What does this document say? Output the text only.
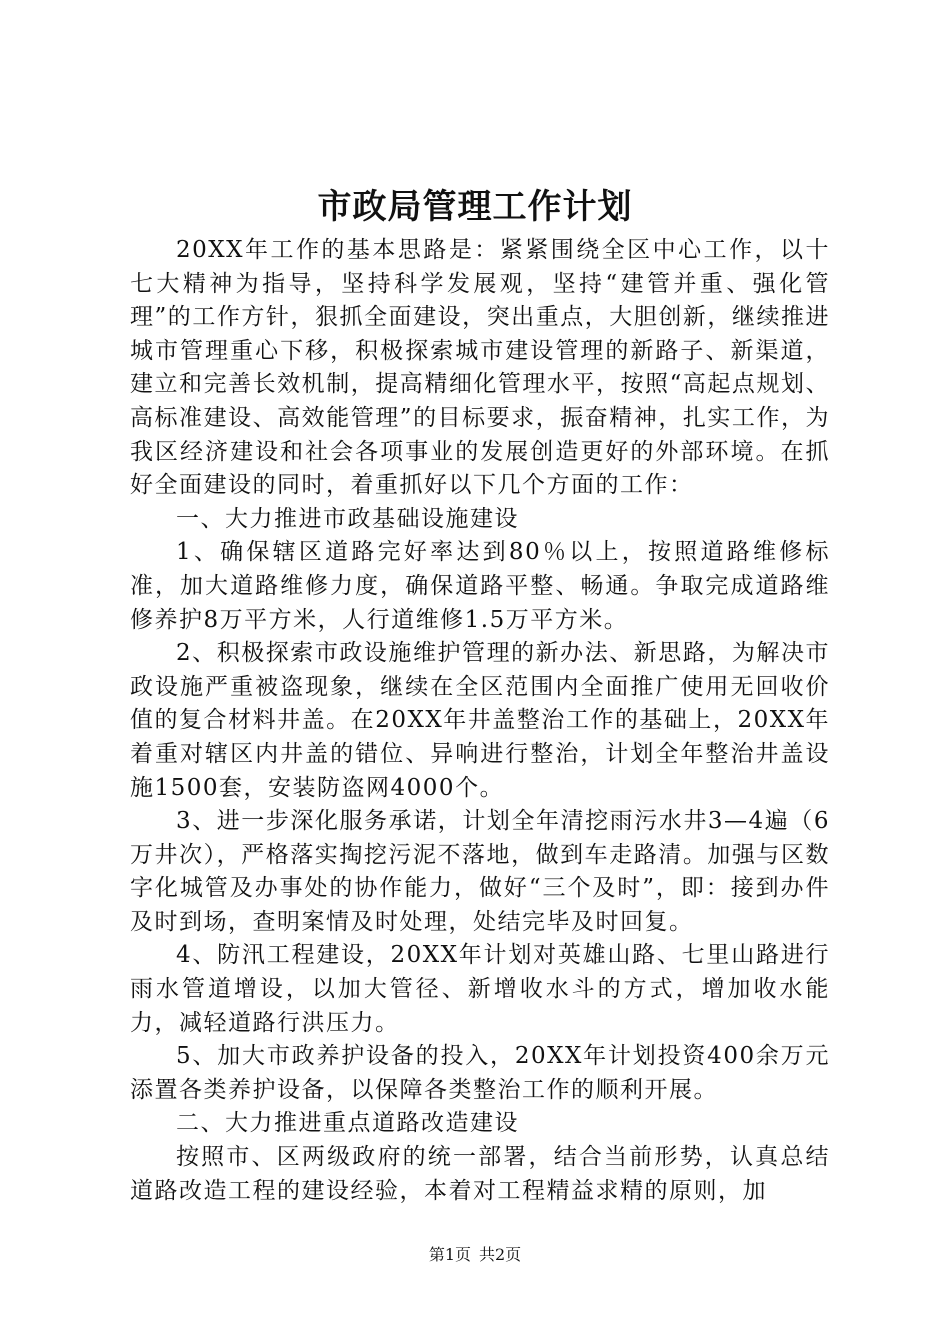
市政局管理工作计划

20XX年工作的基本思路是：紧紧围绕全区中心工作，以十七大精神为指导，坚持科学发展观，坚持“建管并重、强化管理”的工作方针，狠抓全面建设，突出重点，大胆创新，继续推进城市管理重心下移，积极探索城市建设管理的新路子、新渠道，建立和完善长效机制，提高精细化管理水平，按照“高起点规划、高标准建设、高效能管理”的目标要求，振奋精神，扎实工作，为我区经济建设和社会各项事业的发展创造更好的外部环境。在抓好全面建设的同时，着重抓好以下几个方面的工作：

一、大力推进市政基础设施建设

1、确保辖区道路完好率达到80％以上，按照道路维修标准，加大道路维修力度，确保道路平整、畅通。争取完成道路维修养护8万平方米，人行道维修1.5万平方米。

2、积极探索市政设施维护管理的新办法、新思路，为解决市政设施严重被盗现象，继续在全区范围内全面推广使用无回收价值的复合材料井盖。在20XX年井盖整治工作的基础上，20XX年着重对辖区内井盖的错位、异响进行整治，计划全年整治井盖设施1500套，安装防盗网4000个。

3、进一步深化服务承诺，计划全年清挖雨污水井3—4遍（6万井次），严格落实掏挖污泥不落地，做到车走路清。加强与区数字化城管及办事处的协作能力，做好“三个及时”，即：接到办件及时到场，查明案情及时处理，处结完毕及时回复。

4、防汛工程建设，20XX年计划对英雄山路、七里山路进行雨水管道增设，以加大管径、新增收水斗的方式，增加收水能力，减轻道路行洪压力。

5、加大市政养护设备的投入，20XX年计划投资400余万元添置各类养护设备，以保障各类整治工作的顺利开展。

二、大力推进重点道路改造建设

按照市、区两级政府的统一部署，结合当前形势，认真总结道路改造工程的建设经验，本着对工程精益求精的原则，加

第1页 共2页
